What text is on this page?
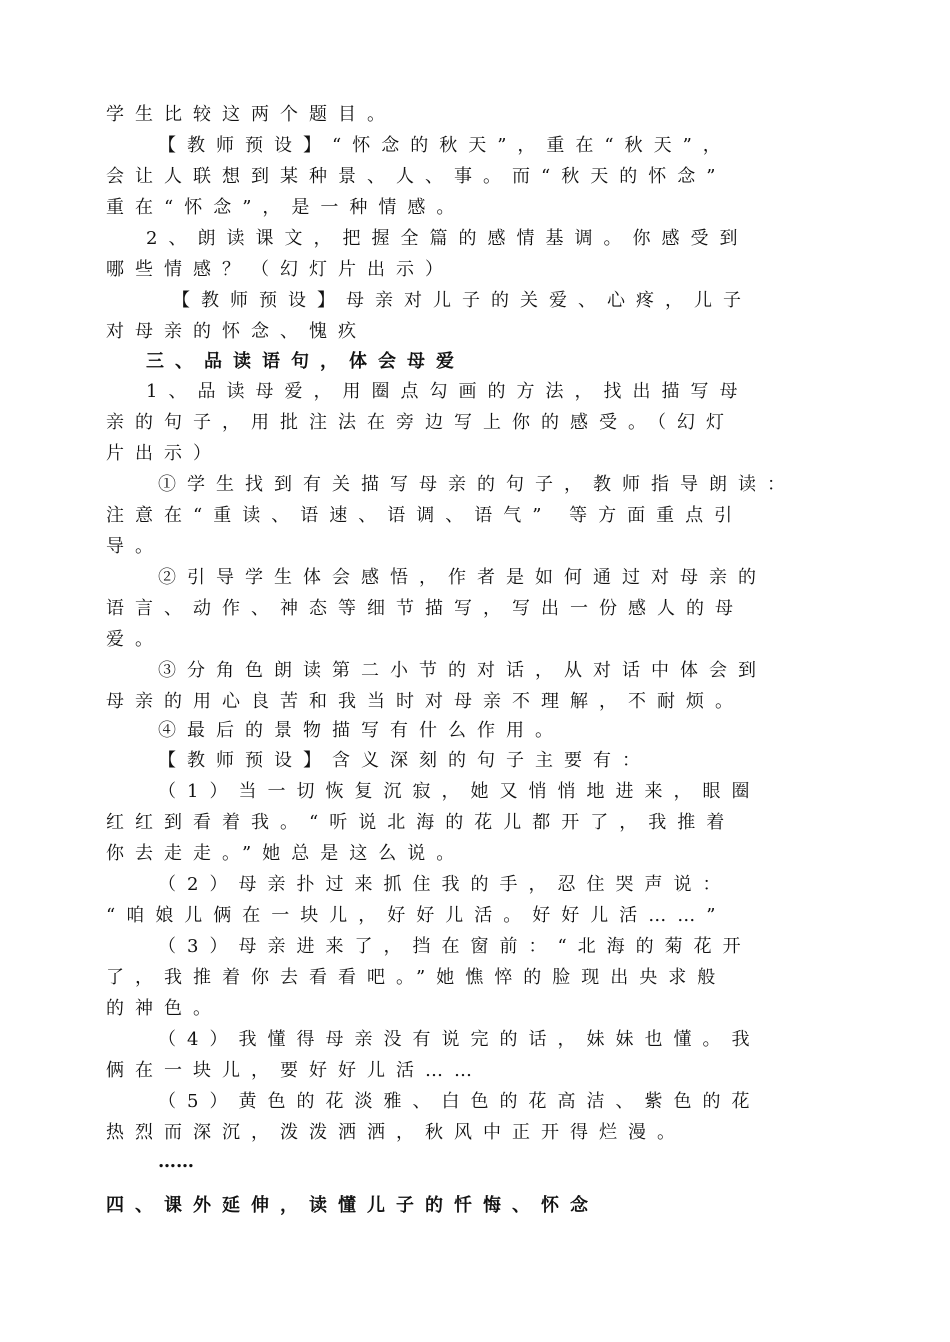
学生比较这两个题目。
【教师预设】“怀念的秋天”，重在“秋天”，
会让人联想到某种景、人、事。而“秋天的怀念”
重在“怀念”，是一种情感。
2、朗读课文，把握全篇的感情基调。你感受到
哪些情感？（幻灯片出示）
【教师预设】母亲对儿子的关爱、心疼，儿子
对母亲的怀念、愧疚
三、品读语句，体会母爱
1、品读母爱，用圈点勾画的方法，找出描写母
亲的句子，用批注法在旁边写上你的感受。（幻灯
片出示）
①学生找到有关描写母亲的句子，教师指导朗读：
注意在“重读、语速、语调、语气” 等方面重点引
导。
②引导学生体会感悟，作者是如何通过对母亲的
语言、动作、神态等细节描写，写出一份感人的母
爱。
③分角色朗读第二小节的对话，从对话中体会到
母亲的用心良苦和我当时对母亲不理解，不耐烦。
④最后的景物描写有什么作用。
【教师预设】含义深刻的句子主要有：
（1）当一切恢复沉寂，她又悄悄地进来，眼圈
红红到看着我。“听说北海的花儿都开了，我推着
你去走走。”她总是这么说。
（2）母亲扑过来抓住我的手，忍住哭声说：
“咱娘儿俩在一块儿，好好儿活。好好儿活……”
（3）母亲进来了，挡在窗前：“北海的菊花开
了，我推着你去看看吧。”她憔悴的脸现出央求般
的神色。
（4）我懂得母亲没有说完的话，妹妹也懂。我
俩在一块儿，要好好儿活……
（5）黄色的花淡雅、白色的花高洁、紫色的花
热烈而深沉，泼泼洒洒，秋风中正开得烂漫。
……
四、课外延伸，读懂儿子的忏悔、怀念
